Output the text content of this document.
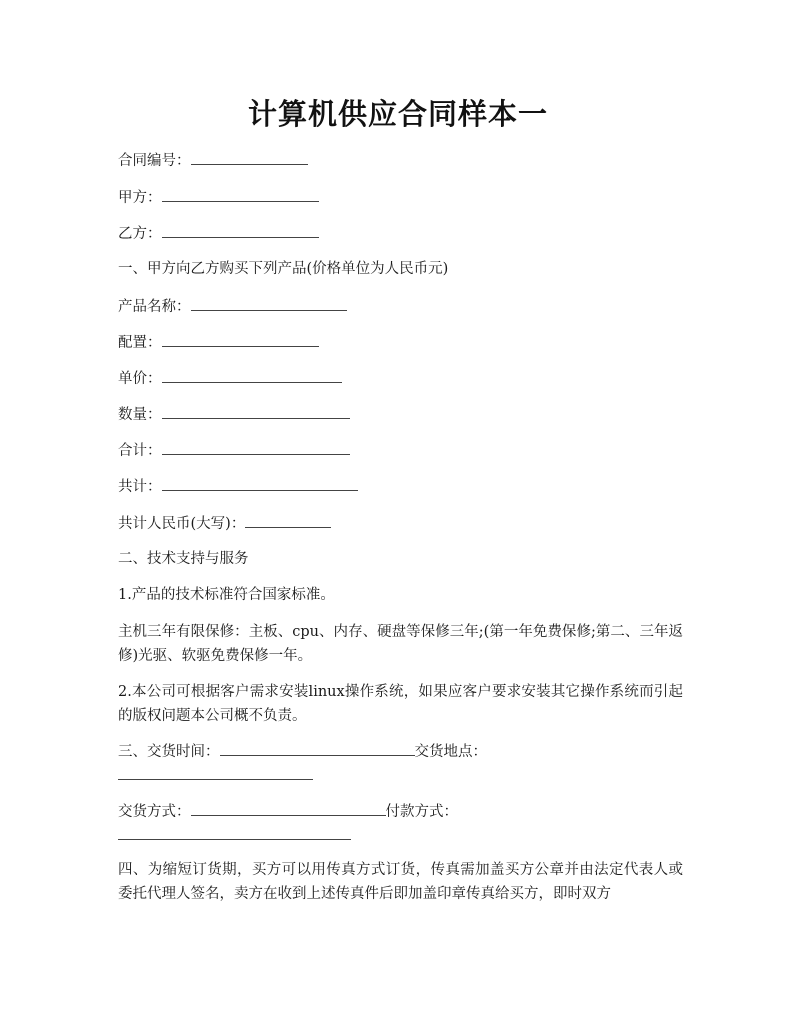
计算机供应合同样本一
合同编号：
甲方：
乙方：
一、甲方向乙方购买下列产品(价格单位为人民币元)
产品名称：
配置：
单价：
数量：
合计：
共计：
共计人民币(大写)：
二、技术支持与服务
1.产品的技术标准符合国家标准。
主机三年有限保修：主板、cpu、内存、硬盘等保修三年;(第一年免费保修;第二、三年返修)光驱、软驱免费保修一年。
2.本公司可根据客户需求安装linux操作系统，如果应客户要求安装其它操作系统而引起的版权问题本公司概不负责。
三、交货时间：	交货地点：
交货方式：	付款方式：
四、为缩短订货期，买方可以用传真方式订货，传真需加盖买方公章并由法定代表人或委托代理人签名，卖方在收到上述传真件后即加盖印章传真给买方，即时双方
